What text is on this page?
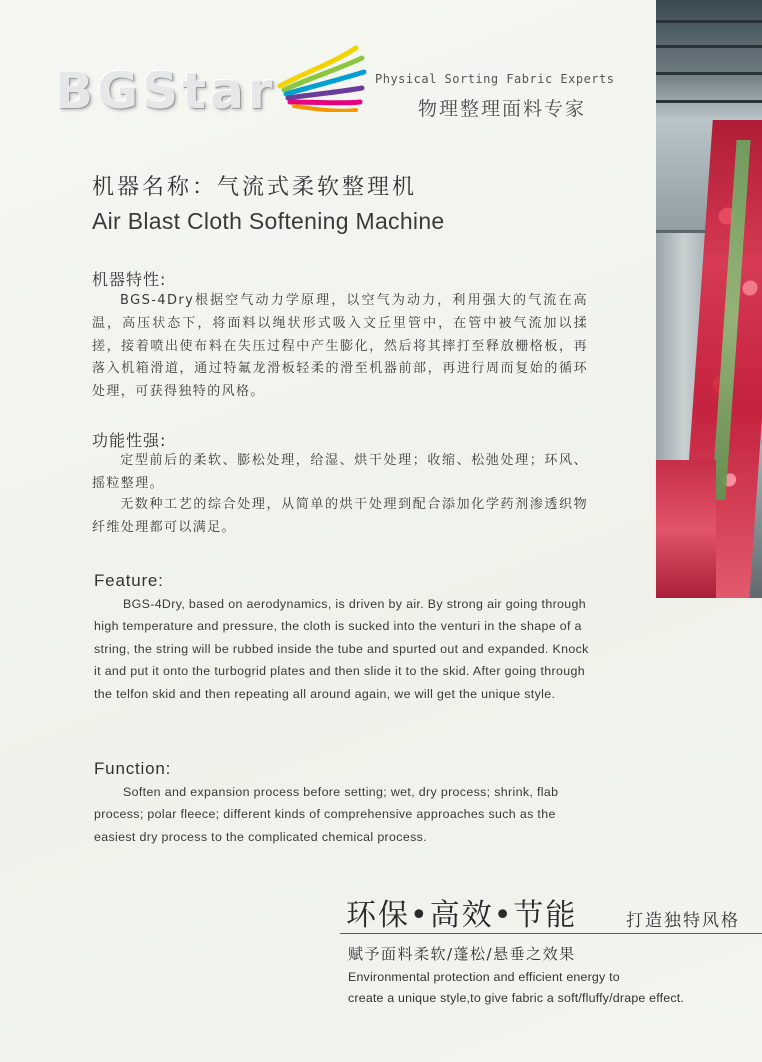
BGStar	Physical Sorting Fabric Experts
物理整理面料专家
机器名称：气流式柔软整理机
Air Blast Cloth Softening Machine
机器特性:

BGS-4Dry根据空气动力学原理，以空气为动力，利用强大的气流在高温，高压状态下，将面料以绳状形式吸入文丘里管中，在管中被气流加以揉搓，接着喷出使布料在失压过程中产生膨化，然后将其摔打至释放栅格板，再落入机箱滑道，通过特氟龙滑板轻柔的滑至机器前部，再进行周而复始的循环处理，可获得独特的风格。

功能性强:

定型前后的柔软、膨松处理，给湿、烘干处理；收缩、松弛处理；环风、摇粒整理。

无数种工艺的综合处理，从简单的烘干处理到配合添加化学药剂渗透织物纤维处理都可以满足。

Feature:

BGS-4Dry, based on aerodynamics, is driven by air. By strong air going through high temperature and pressure, the cloth is sucked into the venturi in the shape of a string, the string will be rubbed inside the tube and spurted out and expanded. Knock it and put it onto the turbogrid plates and then slide it to the skid. After going through the telfon skid and then repeating all around again, we will get the unique style.

Function:

Soften and expansion process before setting; wet, dry process; shrink, flab process; polar fleece; different kinds of comprehensive approaches such as the easiest dry process to the complicated chemical process.

环保•高效•节能	打造独特风格
赋予面料柔软/蓬松/悬垂之效果
Environmental protection and efficient energy to
create a unique style,to give fabric a soft/fluffy/drape effect.
